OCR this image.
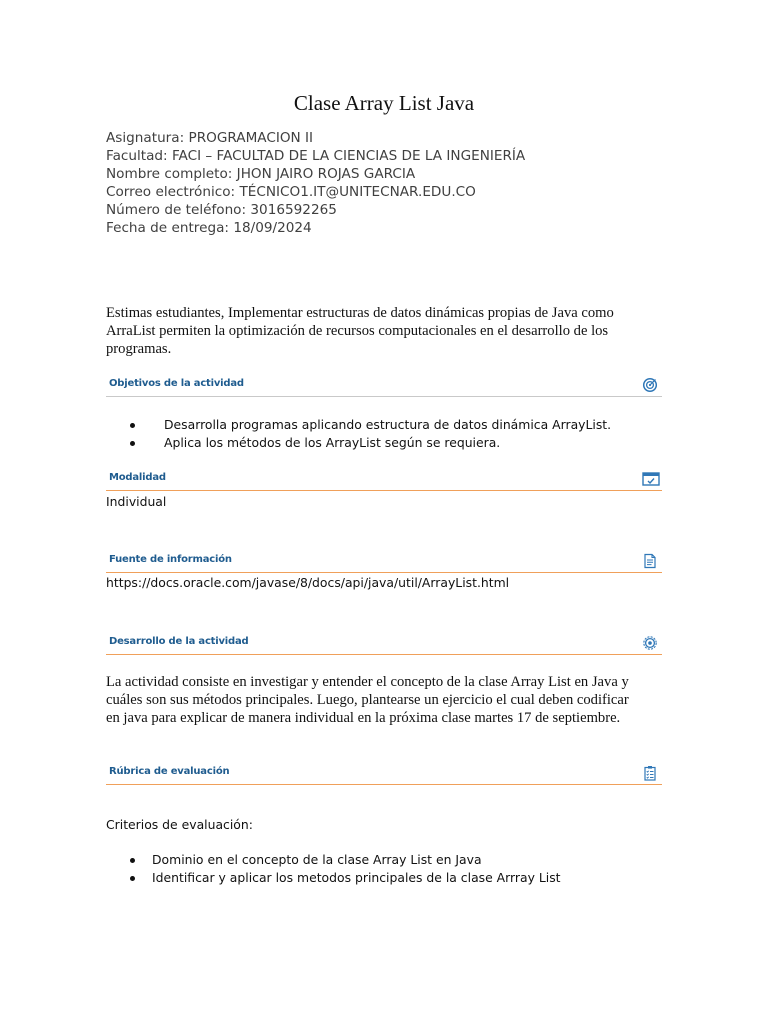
Clase Array List Java
Asignatura: PROGRAMACION II
Facultad: FACI – FACULTAD DE LA CIENCIAS DE LA INGENIERÍA
Nombre completo: JHON JAIRO ROJAS GARCIA
Correo electrónico: TÉCNICO1.IT@UNITECNAR.EDU.CO
Número de teléfono: 3016592265
Fecha de entrega: 18/09/2024
Estimas estudiantes, Implementar estructuras de datos dinámicas propias de Java como
ArraList permiten la optimización de recursos computacionales en el desarrollo de los
programas.
Objetivos de la actividad
Desarrolla programas aplicando estructura de datos dinámica ArrayList.
Aplica los métodos de los ArrayList según se requiera.
Modalidad
Individual
Fuente de información
https://docs.oracle.com/javase/8/docs/api/java/util/ArrayList.html
Desarrollo de la actividad
La actividad consiste en investigar y entender el concepto de la clase Array List en Java y
cuáles son sus métodos principales. Luego, plantearse un ejercicio el cual deben codificar
en java para explicar de manera individual en la próxima clase martes 17 de septiembre.
Rúbrica de evaluación
Criterios de evaluación:
Dominio en el concepto de la clase Array List en Java
Identificar y aplicar los metodos principales de la clase Arrray List
